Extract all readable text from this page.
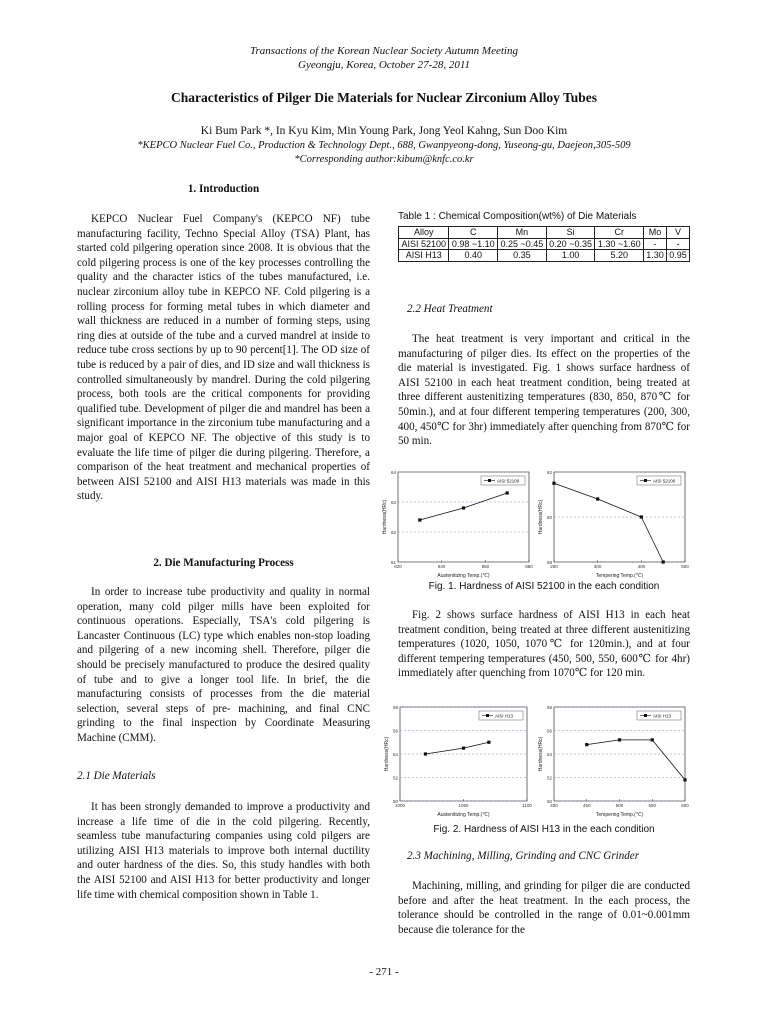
Transactions of the Korean Nuclear Society Autumn Meeting
Gyeongju, Korea, October 27-28, 2011
Characteristics of Pilger Die Materials for Nuclear Zirconium Alloy Tubes
Ki Bum Park *, In Kyu Kim, Min Young Park, Jong Yeol Kahng, Sun Doo Kim
*KEPCO Nuclear Fuel Co., Production & Technology Dept., 688, Gwanpyeong-dong, Yuseong-gu, Daejeon,305-509
*Corresponding author:kibum@knfc.co.kr
1. Introduction

KEPCO Nuclear Fuel Company's (KEPCO NF) tube manufacturing facility, Techno Special Alloy (TSA) Plant, has started cold pilgering operation since 2008. It is obvious that the cold pilgering process is one of the key processes controlling the quality and the character istics of the tubes manufactured, i.e. nuclear zirconium alloy tube in KEPCO NF. Cold pilgering is a rolling process for forming metal tubes in which diameter and wall thickness are reduced in a number of forming steps, using ring dies at outside of the tube and a curved mandrel at inside to reduce tube cross sections by up to 90 percent[1]. The OD size of tube is reduced by a pair of dies, and ID size and wall thickness is controlled simultaneously by mandrel. During the cold pilgering process, both tools are the critical components for providing qualified tube. Development of pilger die and mandrel has been a significant importance in the zirconium tube manufacturing and a major goal of KEPCO NF. The objective of this study is to evaluate the life time of pilger die during pilgering. Therefore, a comparison of the heat treatment and mechanical properties of between AISI 52100 and AISI H13 materials was made in this study.

2. Die Manufacturing Process

In order to increase tube productivity and quality in normal operation, many cold pilger mills have been exploited for continuous operations. Especially, TSA's cold pilgering is Lancaster Continuous (LC) type which enables non-stop loading and pilgering of a new incoming shell. Therefore, pilger die should be precisely manufactured to produce the desired quality of tube and to give a longer tool life. In brief, the die manufacturing consists of processes from the die material selection, several steps of pre- machining, and final CNC grinding to the final inspection by Coordinate Measuring Machine (CMM).

2.1 Die Materials

It has been strongly demanded to improve a productivity and increase a life time of die in the cold pilgering. Recently, seamless tube manufacturing companies using cold pilgers are utilizing AISI H13 materials to improve both internal ductility and outer hardness of the dies. So, this study handles with both the AISI 52100 and AISI H13 for better productivity and longer life time with chemical composition shown in Table 1.

Table 1 : Chemical Composition(wt%) of Die Materials
Alloy	C	Mn	Si	Cr	Mo	V
AISI 52100	0.98 ~1.10	0.25 ~0.45	0.20 ~0.35	1.30 ~1.60	-	-
AISI H13	0.40	0.35	1.00	5.20	1.30	0.95
2.2 Heat Treatment

The heat treatment is very important and critical in the manufacturing of pilger dies. Its effect on the properties of the die material is investigated. Fig. 1 shows surface hardness of AISI 52100 in each heat treatment condition, being treated at three different austenitizing temperatures (830, 850, 870℃ for 50min.), and at four different tempering temperatures (200, 300, 400, 450℃ for 3hr) immediately after quenching from 870℃ for 50 min.

61
62
63
64
820	840	860	880
Austenitizing Temp.(℃)
Hardness(HRc)
AISI 52100
58
60
62
200	300	400	500
Tempering Temp.(℃)
Hardness(HRc)
AISI 52100
Fig. 1. Hardness of AISI 52100 in the each condition

Fig. 2 shows surface hardness of AISI H13 in each heat treatment condition, being treated at three different austenitizing temperatures (1020, 1050, 1070℃ for 120min.), and at four different tempering temperatures (450, 500, 550, 600℃ for 4hr) immediately after quenching from 1070℃ for 120 min.

50
52
54
56
58
1000	1050	1100
Austenitizing Temp.(℃)
Hardness(HRc)
AISI H13
50
52
54
56
58
400	450	500	550	600
Tempering Temp.(℃)
Hardness(HRc)
AISI H13
Fig. 2. Hardness of AISI H13 in the each condition
2.3 Machining, Milling, Grinding and CNC Grinder

Machining, milling, and grinding for pilger die are conducted before and after the heat treatment. In the each process, the tolerance should be controlled in the range of 0.01~0.001mm because die tolerance for the

- 271 -
